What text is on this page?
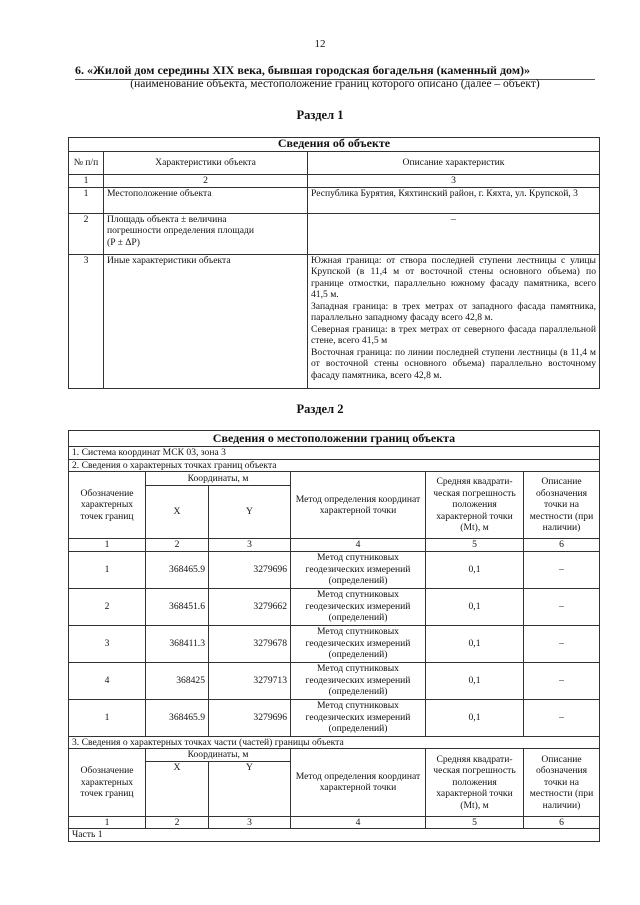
12
6. «Жилой дом середины XIX века, бывшая городская богадельня (каменный дом)»
(наименование объекта, местоположение границ которого описано (далее – объект)
Раздел 1
Сведения об объекте		
№ п/п	Характеристики объекта	Описание характеристик
1	2	3
1	Местоположение объекта	Республика Бурятия, Кяхтинский район, г. Кяхта, ул. Крупской, 3
2	Площадь объекта ± величина погрешности определения площади (P ± ΔP)	–
3	Иные характеристики объекта	Южная граница: от створа последней ступени лестницы с улицы Крупской (в 11,4 м от восточной стены основного объема) по границе отмостки, параллельно южному фасаду памятника, всего 41,5 м.
Западная граница: в трех метрах от западного фасада памятника, параллельно западному фасаду всего 42,8 м.
Северная граница: в трех метрах от северного фасада параллельной стене, всего 41,5 м
Восточная граница: по линии последней ступени лестницы (в 11,4 м от восточной стены основного объема) параллельно восточному фасаду памятника, всего 42,8 м.
Раздел 2
Сведения о местоположении границ объекта					
1. Система координат МСК 03, зона 3					
2. Сведения о характерных точках границ объекта					
Обозначение характерных точек границ	Координаты, м		Метод определения координат характерной точки	Средняя квадрати-ческая погрешность положения характерной точки (Mt), м	Описание обозначения точки на местности (при наличии)
	X	Y			
1	2	3	4	5	6
1	368465.9	3279696	Метод спутниковых геодезических измерений (определений)	0,1	–
2	368451.6	3279662	Метод спутниковых геодезических измерений (определений)	0,1	–
3	368411.3	3279678	Метод спутниковых геодезических измерений (определений)	0,1	–
4	368425	3279713	Метод спутниковых геодезических измерений (определений)	0,1	–
1	368465.9	3279696	Метод спутниковых геодезических измерений (определений)	0,1	–
3. Сведения о характерных точках части (частей) границы объекта					
Обозначение характерных точек границ	Координаты, м		Метод определения координат характерной точки	Средняя квадрати-ческая погрешность положения характерной точки (Mt), м	Описание обозначения точки на местности (при наличии)
	X	Y			
1	2	3	4	5	6
Часть 1					
